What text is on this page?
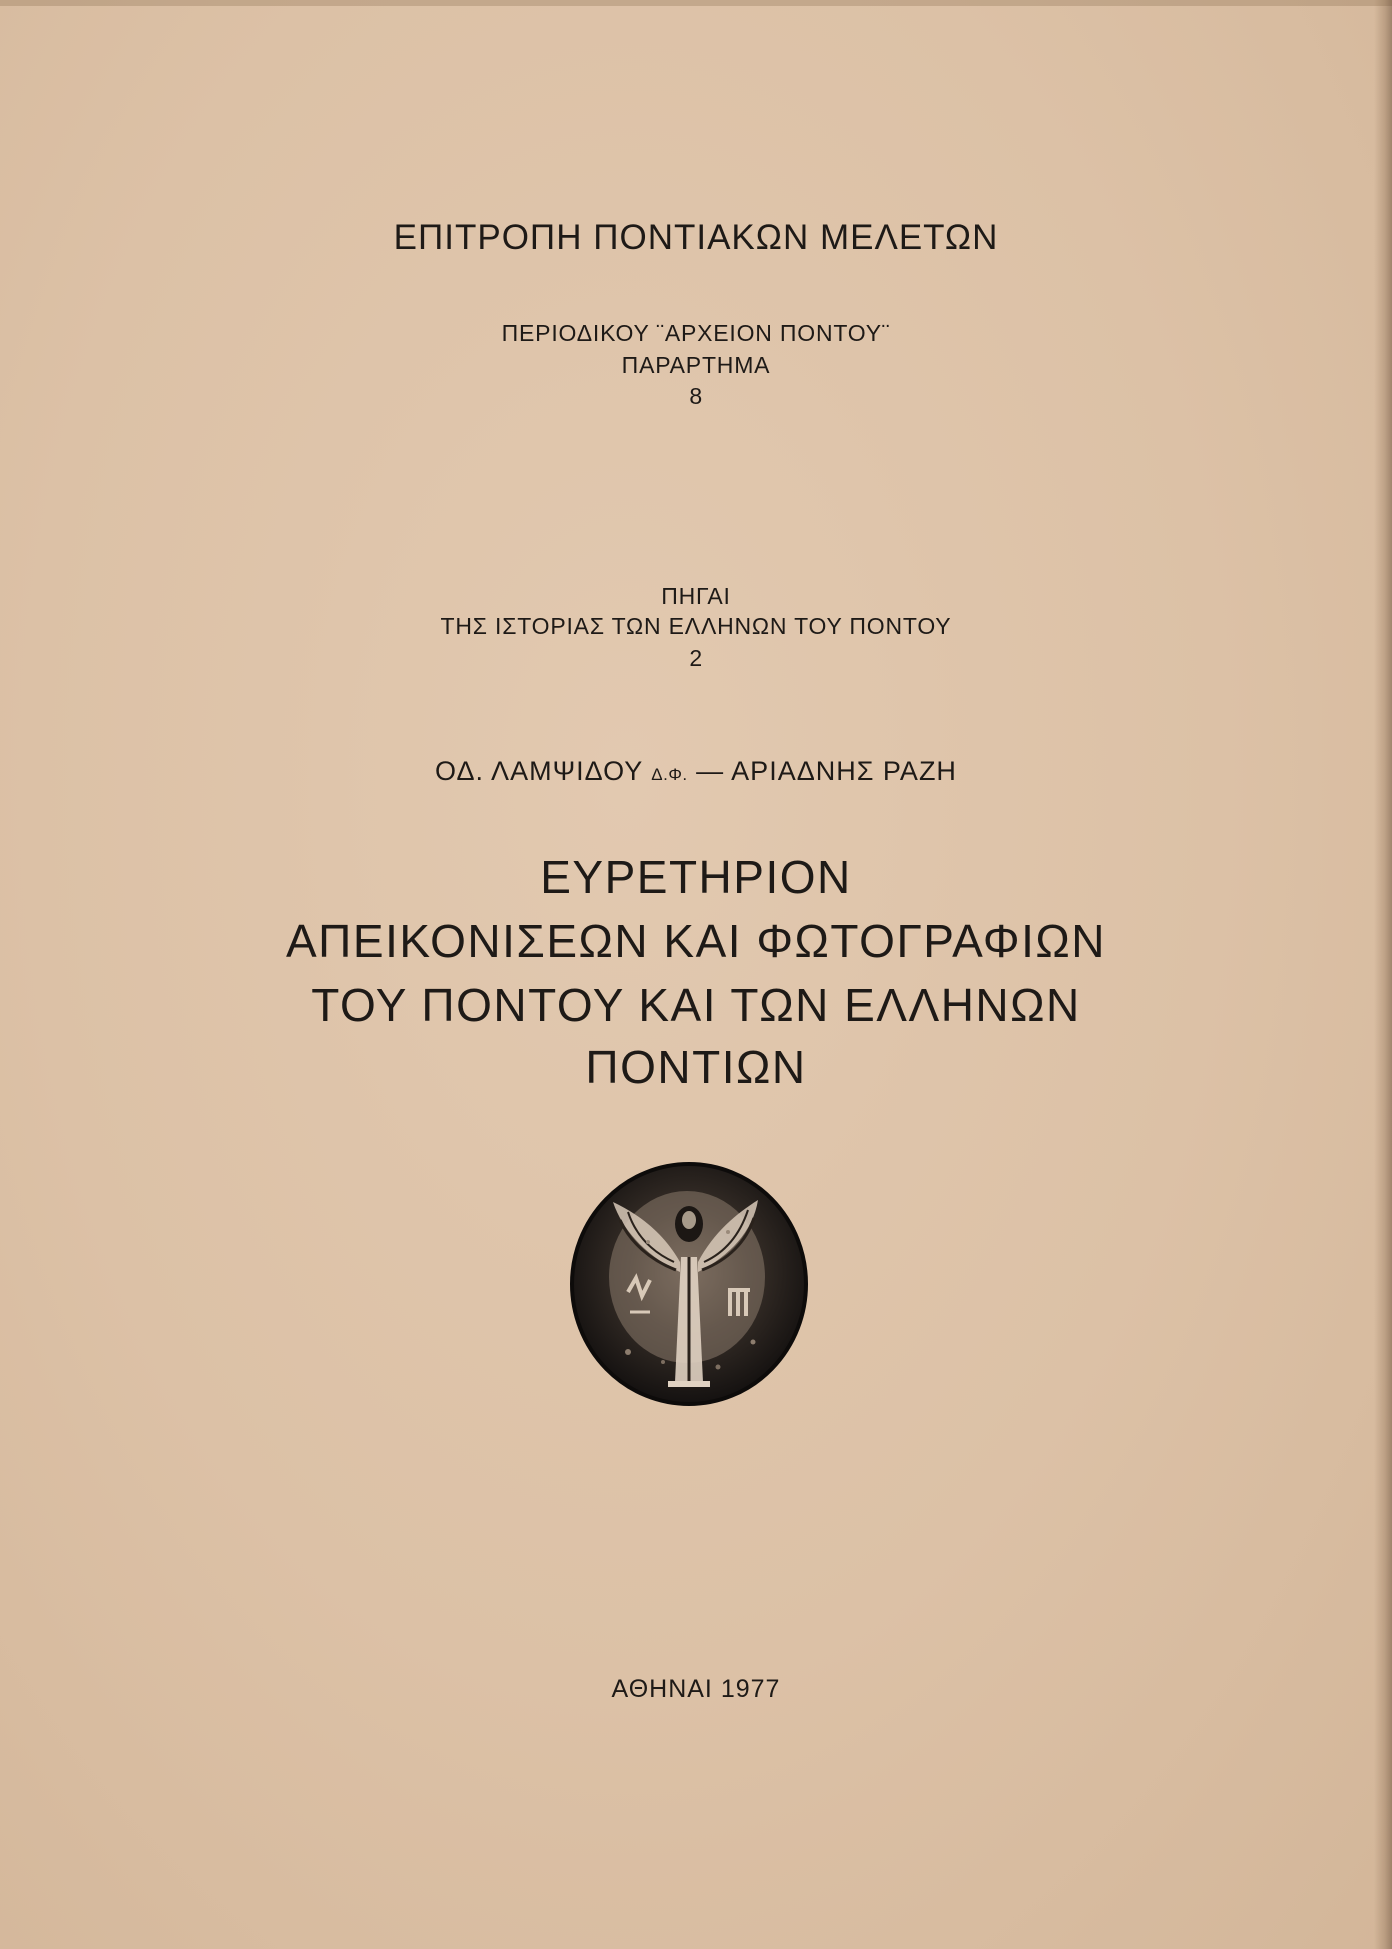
ΕΠΙΤΡΟΠΗ ΠΟΝΤΙΑΚΩΝ ΜΕΛΕΤΩΝ
ΠΕΡΙΟΔΙΚΟΥ ¨ΑΡΧΕΙΟΝ ΠΟΝΤΟΥ¨
ΠΑΡΑΡΤΗΜΑ
8
ΠΗΓΑΙ
ΤΗΣ ΙΣΤΟΡΙΑΣ ΤΩΝ ΕΛΛΗΝΩΝ ΤΟΥ ΠΟΝΤΟΥ
2
ΟΔ. ΛΑΜΨΙΔΟΥ Δ.Φ. — ΑΡΙΑΔΝΗΣ ΡΑΖΗ
ΕΥΡΕΤΗΡΙΟΝ
ΑΠΕΙΚΟΝΙΣΕΩΝ ΚΑΙ ΦΩΤΟΓΡΑΦΙΩΝ
ΤΟΥ ΠΟΝΤΟΥ ΚΑΙ ΤΩΝ ΕΛΛΗΝΩΝ
ΠΟΝΤΙΩΝ
ΑΘΗΝΑΙ 1977
